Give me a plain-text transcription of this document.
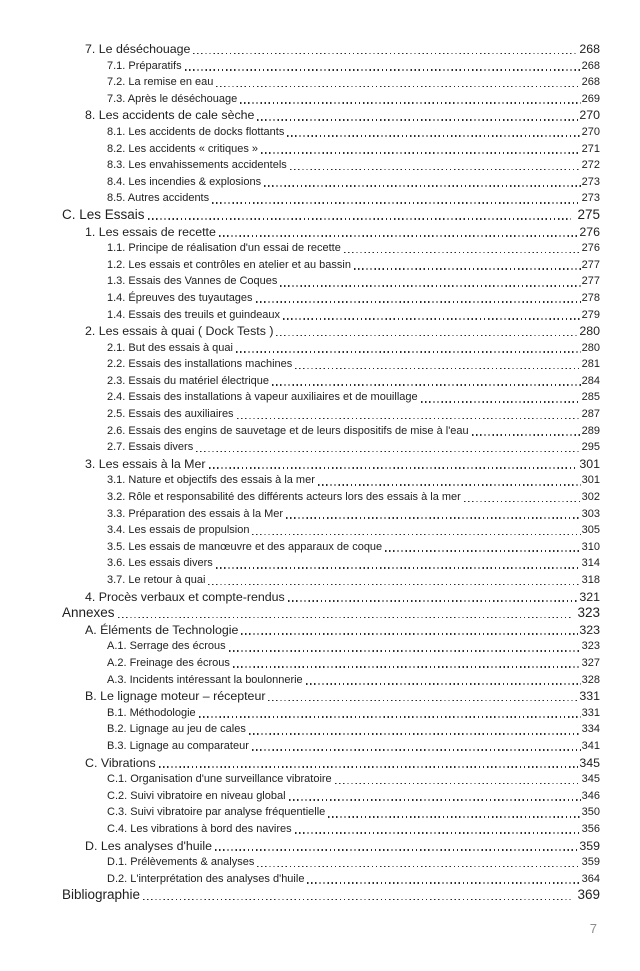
7. Le déséchouage	268
7.1. Préparatifs	268
7.2. La remise en eau	268
7.3. Après le déséchouage	269
8. Les accidents de cale sèche	270
8.1. Les accidents de docks flottants	270
8.2. Les accidents « critiques »	271
8.3. Les envahissements accidentels	272
8.4. Les incendies & explosions	273
8.5. Autres accidents	273
C. Les Essais	275
1. Les essais de recette	276
1.1. Principe de réalisation d'un essai de recette	276
1.2. Les essais et contrôles en atelier et au bassin	277
1.3. Essais des Vannes de Coques	277
1.4. Épreuves des tuyautages	278
1.4. Essais des treuils et guindeaux	279
2. Les essais à quai ( Dock Tests )	280
2.1. But des essais à quai	280
2.2. Essais des installations machines	281
2.3. Essais du matériel électrique	284
2.4. Essais des installations à vapeur auxiliaires et de mouillage	285
2.5. Essais des auxiliaires	287
2.6. Essais des engins de sauvetage et de leurs dispositifs de mise à l'eau	289
2.7. Essais divers	295
3. Les essais à la Mer	301
3.1. Nature et objectifs des essais à la mer	301
3.2. Rôle et responsabilité des différents acteurs lors des essais à la mer	302
3.3. Préparation des essais à la Mer	303
3.4. Les essais de propulsion	305
3.5. Les essais de manœuvre et des apparaux de coque	310
3.6. Les essais divers	314
3.7. Le retour à quai	318
4. Procès verbaux et compte-rendus	321
Annexes	323
A. Éléments de Technologie	323
A.1. Serrage des écrous	323
A.2. Freinage des écrous	327
A.3. Incidents intéressant la boulonnerie	328
B. Le lignage moteur – récepteur	331
B.1. Méthodologie	331
B.2. Lignage au jeu de cales	334
B.3. Lignage au comparateur	341
C. Vibrations	345
C.1. Organisation d'une surveillance vibratoire	345
C.2. Suivi vibratoire en niveau global	346
C.3. Suivi vibratoire par analyse fréquentielle	350
C.4. Les vibrations à bord des navires	356
D. Les analyses d'huile	359
D.1. Prélèvements & analyses	359
D.2. L'interprétation des analyses d'huile	364
Bibliographie	369
7
